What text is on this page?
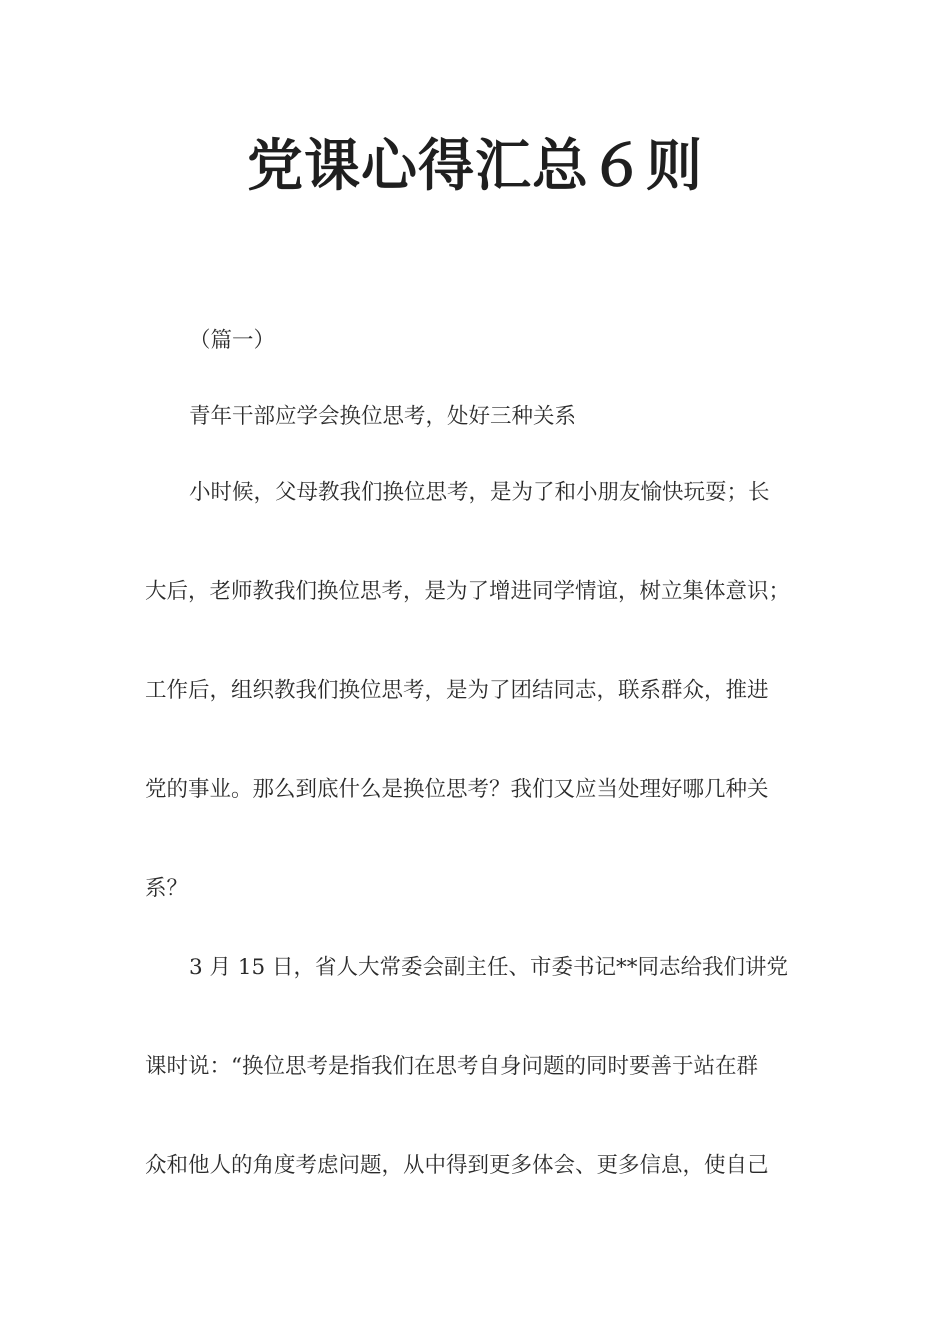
党课心得汇总６则
（篇一）
青年干部应学会换位思考，处好三种关系
小时候，父母教我们换位思考，是为了和小朋友愉快玩耍；长
大后，老师教我们换位思考，是为了增进同学情谊，树立集体意识；
工作后，组织教我们换位思考，是为了团结同志，联系群众，推进
党的事业。那么到底什么是换位思考？我们又应当处理好哪几种关
系？
3 月 15 日，省人大常委会副主任、市委书记**同志给我们讲党
课时说：“换位思考是指我们在思考自身问题的同时要善于站在群
众和他人的角度考虑问题，从中得到更多体会、更多信息，使自己
